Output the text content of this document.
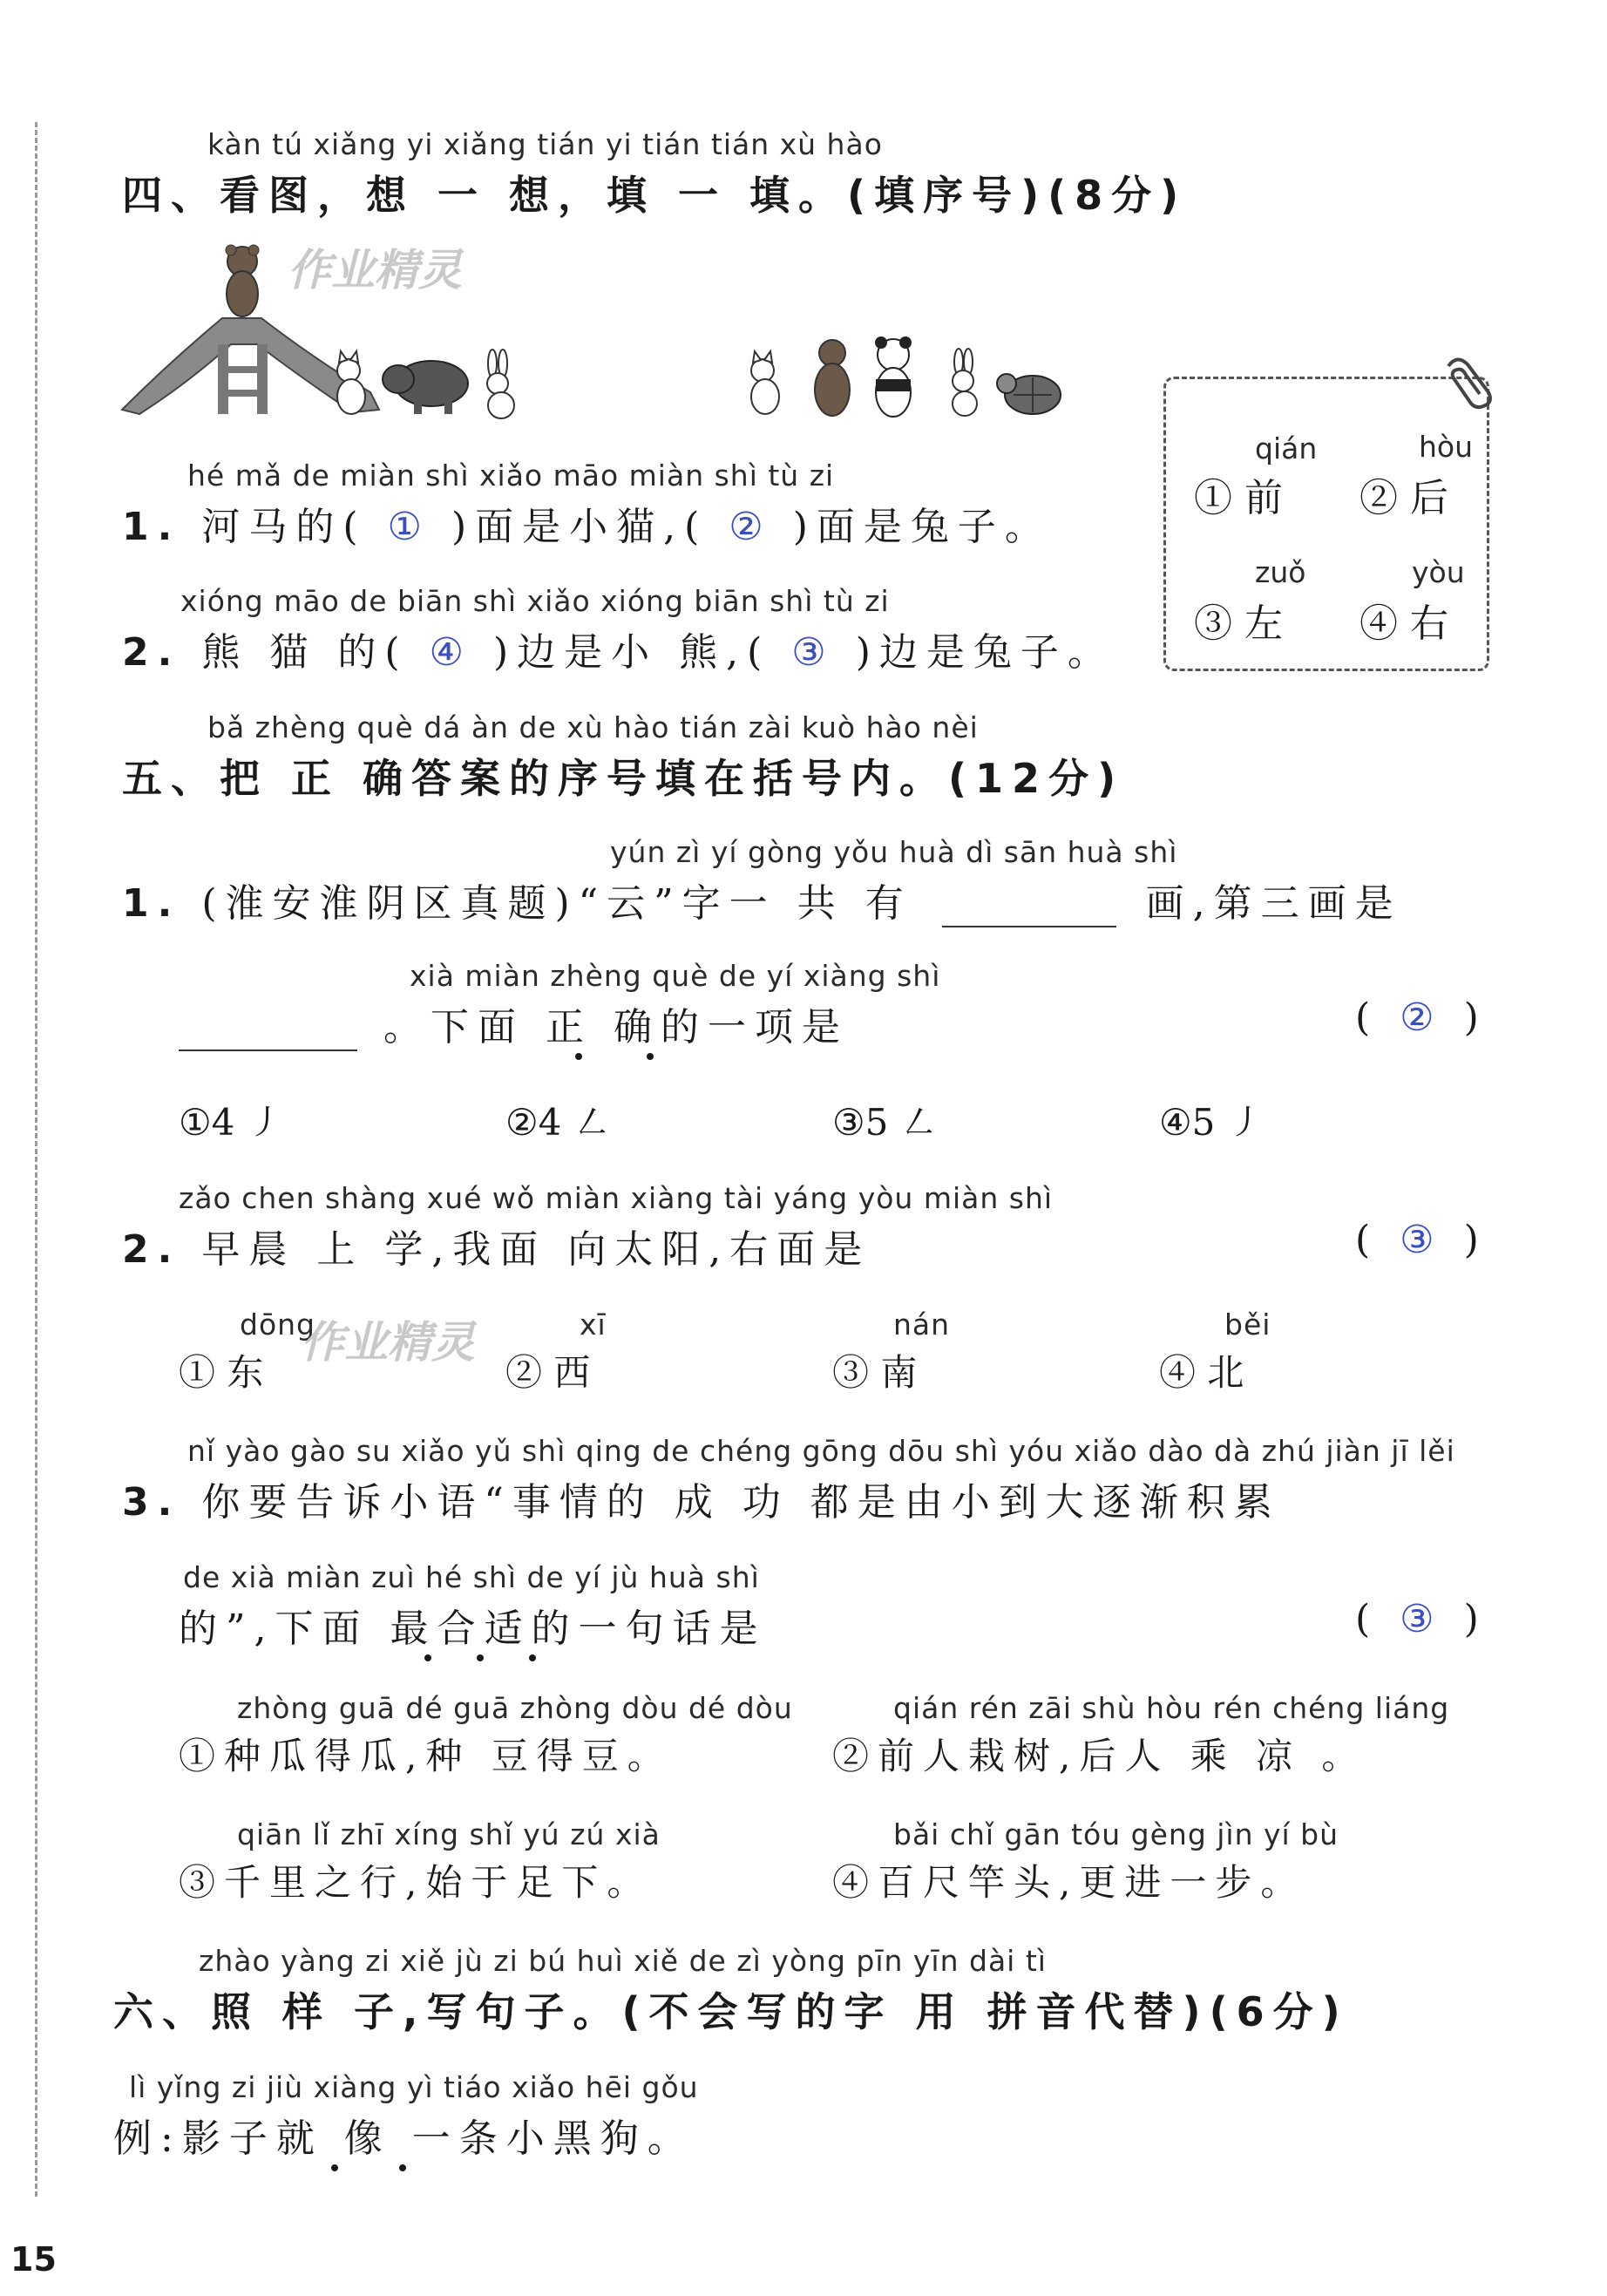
kàn tú xiǎng yi xiǎng tián yi tián tián xù hào
四、看图，想 一 想，填 一 填。(填序号)(8分)
作业精灵
qián	hòu
① 前 ② 后
zuǒ	yòu
③ 左 ④ 右
hé mǎ de miàn shì xiǎo māo miàn shì tù zi
1. 河马的( ① )面是小猫,( ② )面是兔子。
xióng māo de biān shì xiǎo xióng biān shì tù zi
2. 熊 猫 的( ④ )边是小 熊,( ③ )边是兔子。
bǎ zhèng què dá àn de xù hào tián zài kuò hào nèi
五、把 正 确答案的序号填在括号内。(12分)
yún zì yí gòng yǒu huà dì sān huà shì
1. (淮安淮阴区真题)“云”字一 共 有	画,第三画是
xià miàn zhèng què de yí xiàng shì
。下面 正 确的一项是	( ② )
①4 ㇓	②4 ㇜	③5 ㇜	④5 ㇓
zǎo chen shàng xué wǒ miàn xiàng tài yáng yòu miàn shì
2. 早晨 上 学,我面 向太阳,右面是	( ③ )
dōng	xī	nán	běi
① 东	② 西	③ 南	④ 北
作业精灵
nǐ yào gào su xiǎo yǔ shì qing de chéng gōng dōu shì yóu xiǎo dào dà zhú jiàn jī lěi
3. 你要告诉小语“事情的 成 功 都是由小到大逐渐积累
de xià miàn zuì hé shì de yí jù huà shì
的”,下面 最合适的一句话是	( ③ )
zhòng guā dé guā zhòng dòu dé dòu	qián rén zāi shù hòu rén chéng liáng
①种瓜得瓜,种 豆得豆。	②前人栽树,后人 乘 凉 。
qiān lǐ zhī xíng shǐ yú zú xià	bǎi chǐ gān tóu gèng jìn yí bù
③千里之行,始于足下。	④百尺竿头,更进一步。
zhào yàng zi xiě jù zi bú huì xiě de zì yòng pīn yīn dài tì
六、照 样 子,写句子。(不会写的字 用 拼音代替)(6分)
lì yǐng zi jiù xiàng yì tiáo xiǎo hēi gǒu
例:影子就 像 一条小黑狗。
15
